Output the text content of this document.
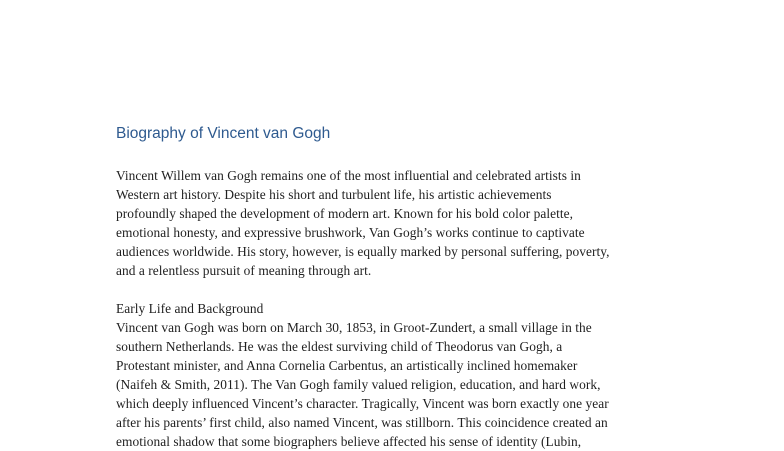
Biography of Vincent van Gogh

Vincent Willem van Gogh remains one of the most influential and celebrated artists in
Western art history. Despite his short and turbulent life, his artistic achievements
profoundly shaped the development of modern art. Known for his bold color palette,
emotional honesty, and expressive brushwork, Van Gogh’s works continue to captivate
audiences worldwide. His story, however, is equally marked by personal suffering, poverty,
and a relentless pursuit of meaning through art.

Early Life and Background
Vincent van Gogh was born on March 30, 1853, in Groot-Zundert, a small village in the
southern Netherlands. He was the eldest surviving child of Theodorus van Gogh, a
Protestant minister, and Anna Cornelia Carbentus, an artistically inclined homemaker
(Naifeh & Smith, 2011). The Van Gogh family valued religion, education, and hard work,
which deeply influenced Vincent’s character. Tragically, Vincent was born exactly one year
after his parents’ first child, also named Vincent, was stillborn. This coincidence created an
emotional shadow that some biographers believe affected his sense of identity (Lubin,
